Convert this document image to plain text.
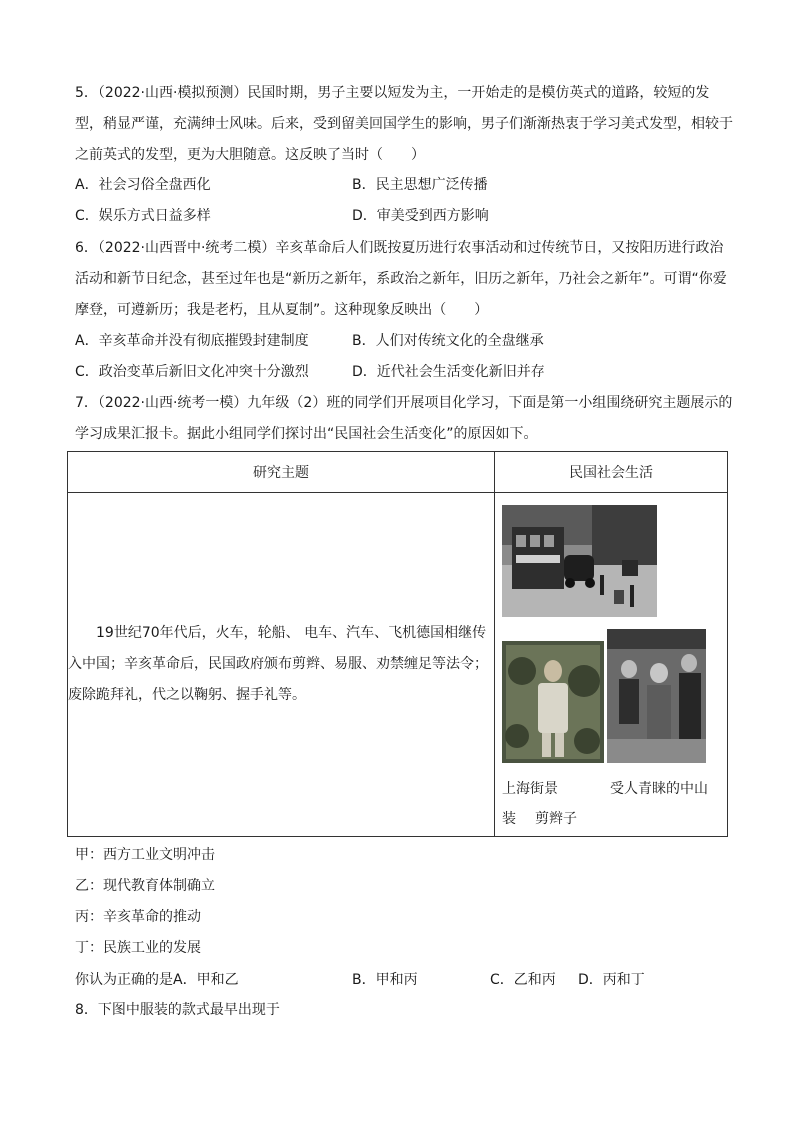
5．（2022·山西·模拟预测）民国时期，男子主要以短发为主，一开始走的是模仿英式的道路，较短的发型，稍显严谨，充满绅士风味。后来，受到留美回国学生的影响，男子们渐渐热衷于学习美式发型，相较于之前英式的发型，更为大胆随意。这反映了当时（　　）

A．社会习俗全盘西化	B．民主思想广泛传播
C．娱乐方式日益多样	D．审美受到西方影响

6．（2022·山西晋中·统考二模）辛亥革命后人们既按夏历进行农事活动和过传统节日，又按阳历进行政治活动和新节日纪念，甚至过年也是“新历之新年，系政治之新年，旧历之新年，乃社会之新年”。可谓“你爱摩登，可遵新历；我是老朽，且从夏制”。这种现象反映出（　　）

A．辛亥革命并没有彻底摧毁封建制度	B．人们对传统文化的全盘继承
C．政治变革后新旧文化冲突十分激烈	D．近代社会生活变化新旧并存

7．（2022·山西·统考一模）九年级（2）班的同学们开展项目化学习，下面是第一小组围绕研究主题展示的学习成果汇报卡。据此小组同学们探讨出“民国社会生活变化”的原因如下。

研究主题	民国社会生活
19世纪70年代后，火车，轮船、 电车、汽车、飞机德国相继传入中国；辛亥革命后，民国政府颁布剪辫、易服、劝禁缠足等法令；废除跪拜礼，代之以鞠躬、握手礼等。	上海街景 受人青睐的中山
装 剪辫子
甲：西方工业文明冲击
乙：现代教育体制确立
丙：辛亥革命的推动
丁：民族工业的发展
你认为正确的是A．甲和乙	B．甲和丙	C．乙和丙 D．丙和丁
8．下图中服装的款式最早出现于
